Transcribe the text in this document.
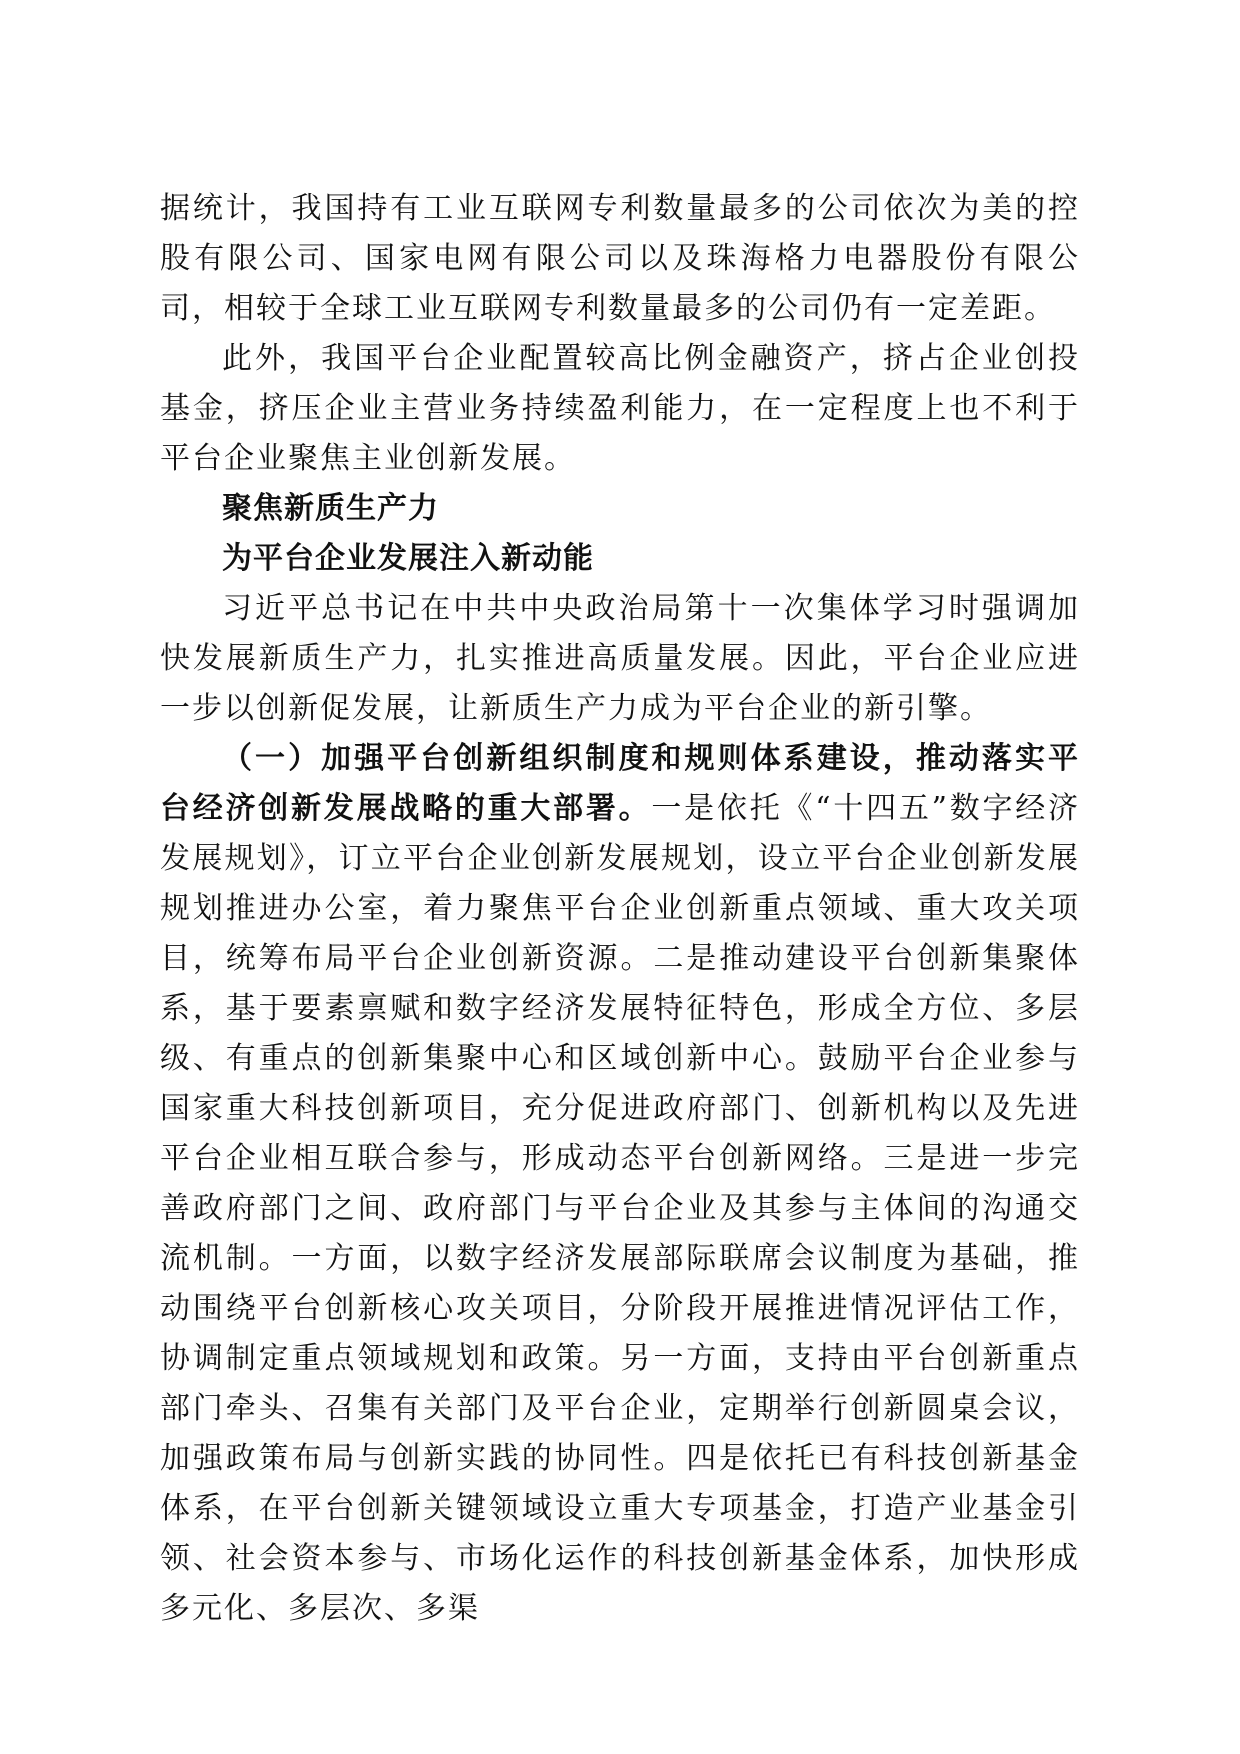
据统计，我国持有工业互联网专利数量最多的公司依次为美的控股有限公司、国家电网有限公司以及珠海格力电器股份有限公司，相较于全球工业互联网专利数量最多的公司仍有一定差距。

此外，我国平台企业配置较高比例金融资产，挤占企业创投基金，挤压企业主营业务持续盈利能力，在一定程度上也不利于平台企业聚焦主业创新发展。

聚焦新质生产力

为平台企业发展注入新动能

习近平总书记在中共中央政治局第十一次集体学习时强调加快发展新质生产力，扎实推进高质量发展。因此，平台企业应进一步以创新促发展，让新质生产力成为平台企业的新引擎。

（一）加强平台创新组织制度和规则体系建设，推动落实平台经济创新发展战略的重大部署。一是依托《“十四五”数字经济发展规划》，订立平台企业创新发展规划，设立平台企业创新发展规划推进办公室，着力聚焦平台企业创新重点领域、重大攻关项目，统筹布局平台企业创新资源。二是推动建设平台创新集聚体系，基于要素禀赋和数字经济发展特征特色，形成全方位、多层级、有重点的创新集聚中心和区域创新中心。鼓励平台企业参与国家重大科技创新项目，充分促进政府部门、创新机构以及先进平台企业相互联合参与，形成动态平台创新网络。三是进一步完善政府部门之间、政府部门与平台企业及其参与主体间的沟通交流机制。一方面，以数字经济发展部际联席会议制度为基础，推动围绕平台创新核心攻关项目，分阶段开展推进情况评估工作，协调制定重点领域规划和政策。另一方面，支持由平台创新重点部门牵头、召集有关部门及平台企业，定期举行创新圆桌会议，加强政策布局与创新实践的协同性。四是依托已有科技创新基金体系，在平台创新关键领域设立重大专项基金，打造产业基金引领、社会资本参与、市场化运作的科技创新基金体系，加快形成多元化、多层次、多渠
